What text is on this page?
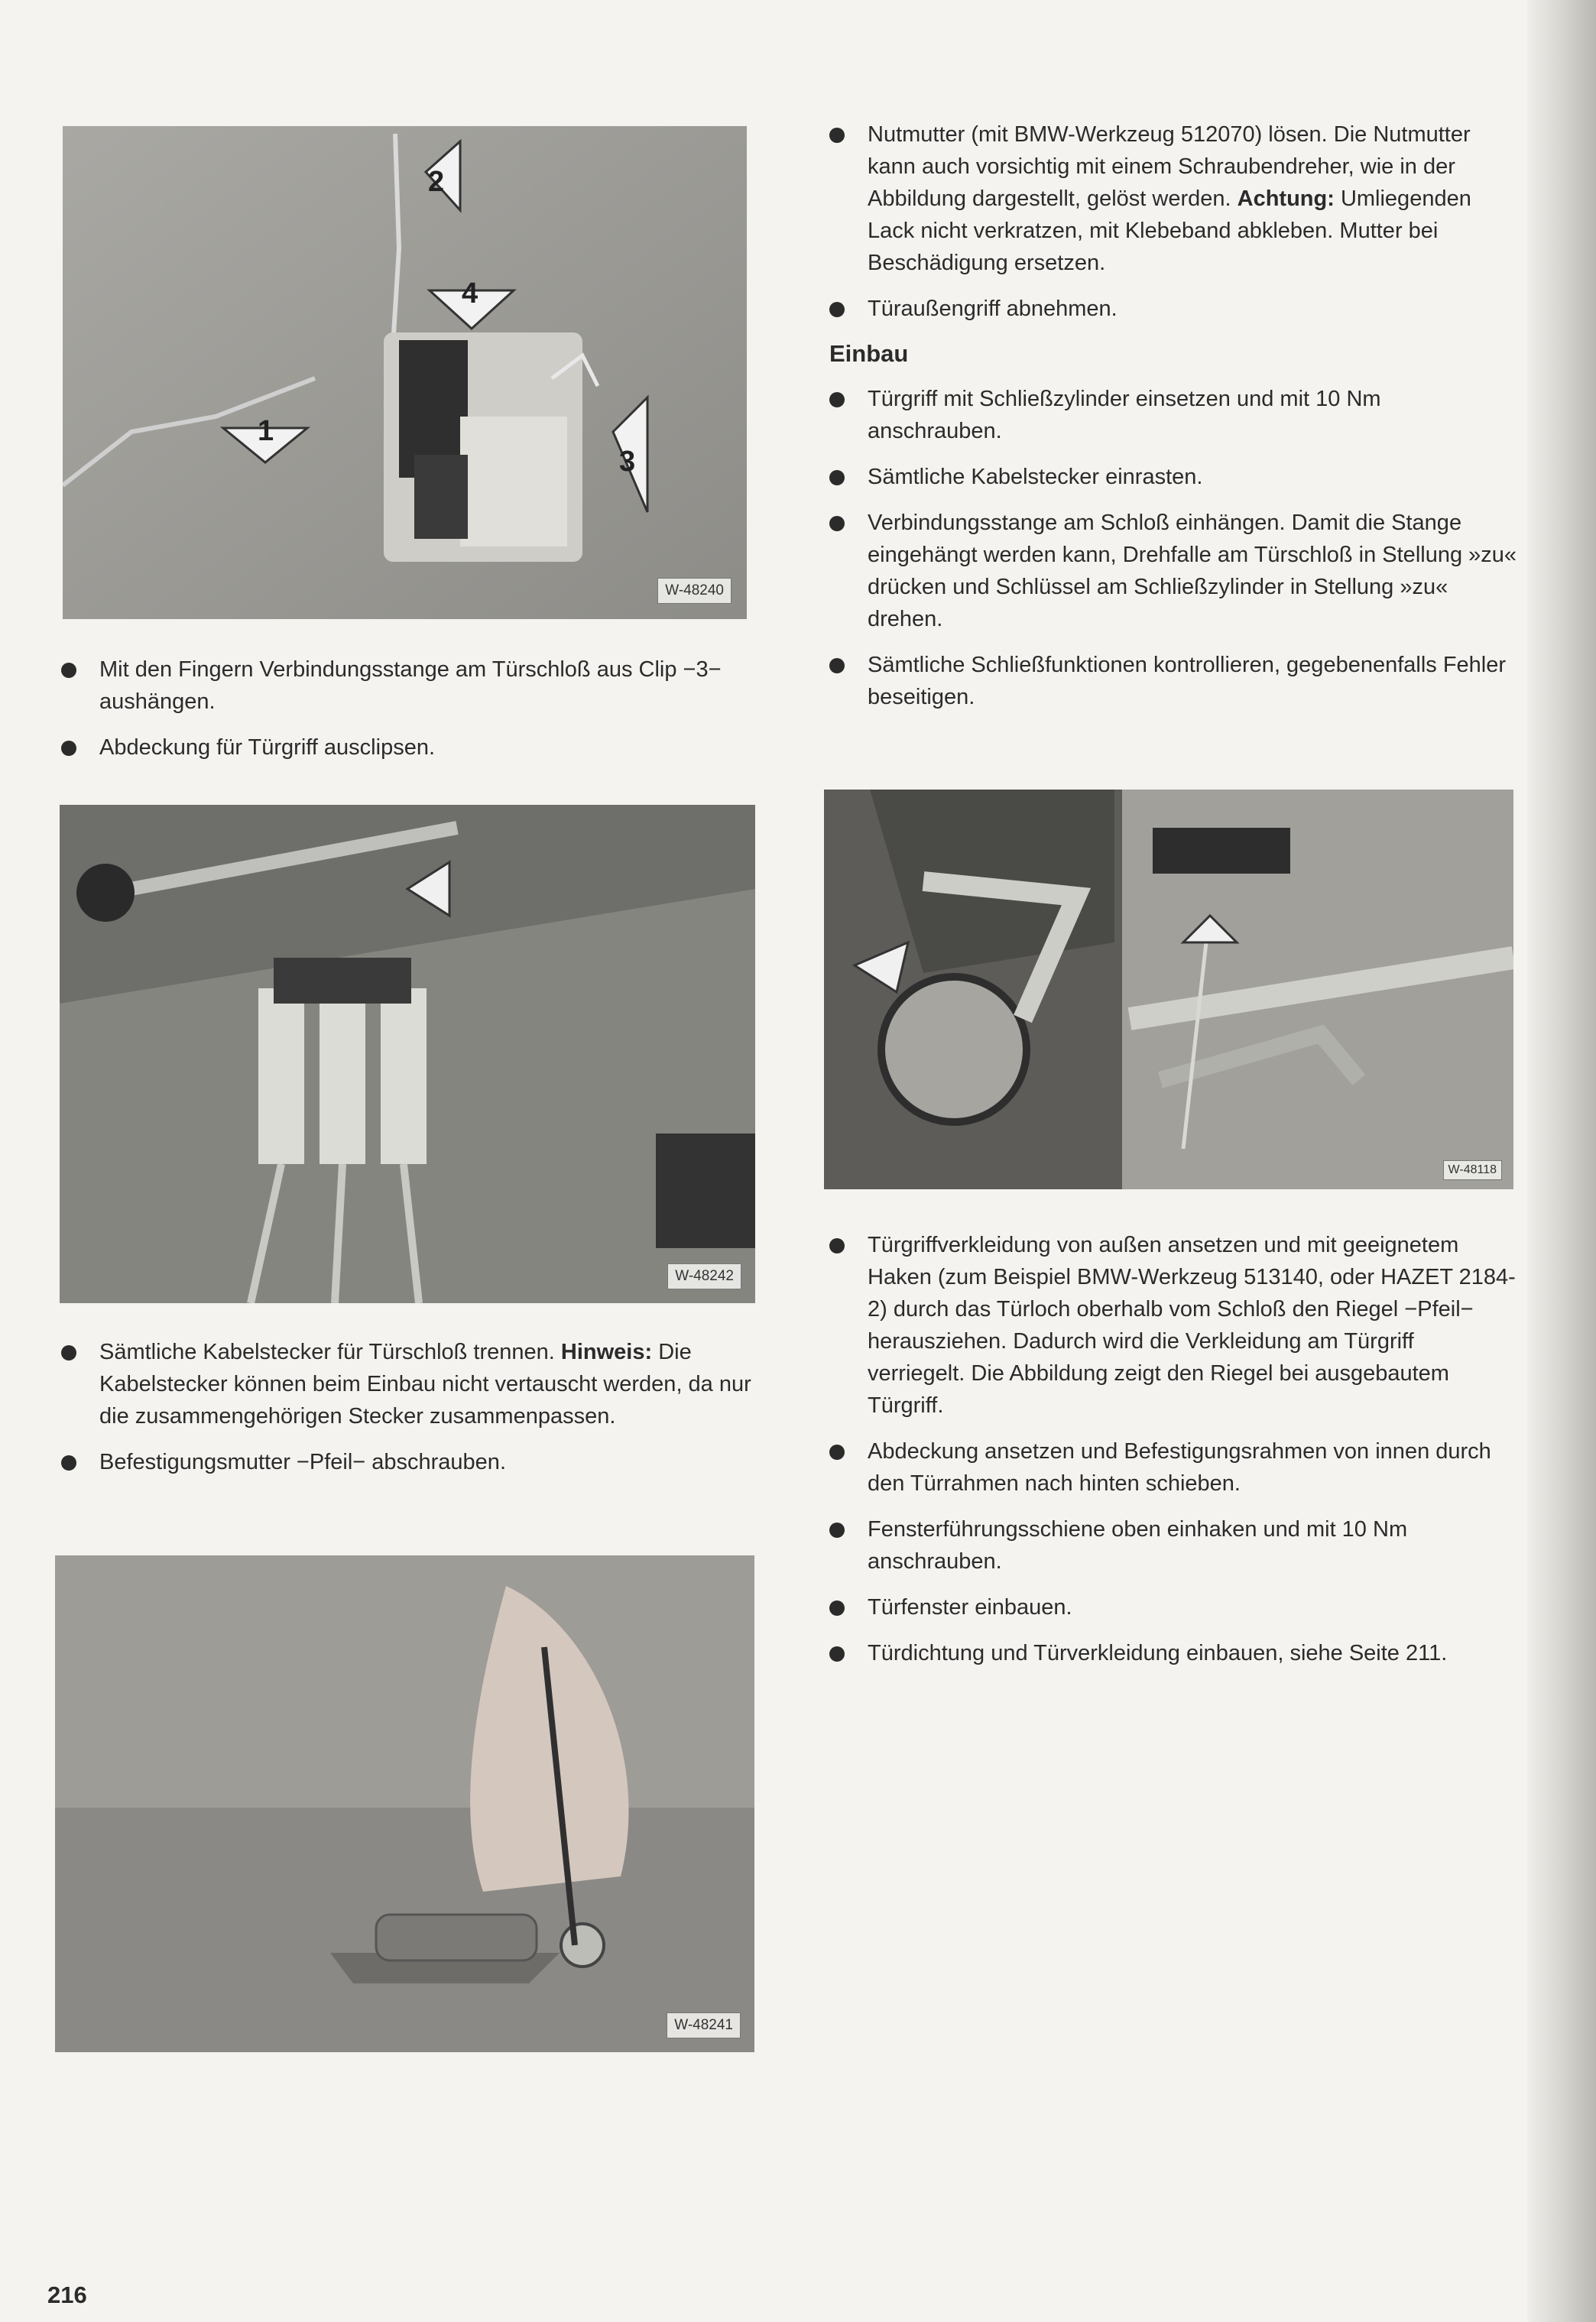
2
4
1
3
W-48240
W-48242
W-48241
W-48118
Mit den Fingern Verbindungsstange am Türschloß aus Clip −3− aushängen.
Abdeckung für Türgriff ausclipsen.
Sämtliche Kabelstecker für Türschloß trennen. Hinweis: Die Kabelstecker können beim Einbau nicht vertauscht werden, da nur die zusammengehörigen Stecker zusammenpassen.
Befestigungsmutter −Pfeil− abschrauben.
Nutmutter (mit BMW-Werkzeug 512070) lösen. Die Nutmutter kann auch vorsichtig mit einem Schraubendreher, wie in der Abbildung dargestellt, gelöst werden. Achtung: Umliegenden Lack nicht verkratzen, mit Klebeband abkleben. Mutter bei Beschädigung ersetzen.
Türaußengriff abnehmen.
Einbau
Türgriff mit Schließzylinder einsetzen und mit 10 Nm anschrauben.
Sämtliche Kabelstecker einrasten.
Verbindungsstange am Schloß einhängen. Damit die Stange eingehängt werden kann, Drehfalle am Türschloß in Stellung »zu« drücken und Schlüssel am Schließzylinder in Stellung »zu« drehen.
Sämtliche Schließfunktionen kontrollieren, gegebenenfalls Fehler beseitigen.
Türgriffverkleidung von außen ansetzen und mit geeignetem Haken (zum Beispiel BMW-Werkzeug 513140, oder HAZET 2184-2) durch das Türloch oberhalb vom Schloß den Riegel −Pfeil− herausziehen. Dadurch wird die Verkleidung am Türgriff verriegelt. Die Abbildung zeigt den Riegel bei ausgebautem Türgriff.
Abdeckung ansetzen und Befestigungsrahmen von innen durch den Türrahmen nach hinten schieben.
Fensterführungsschiene oben einhaken und mit 10 Nm anschrauben.
Türfenster einbauen.
Türdichtung und Türverkleidung einbauen, siehe Seite 211.
216
